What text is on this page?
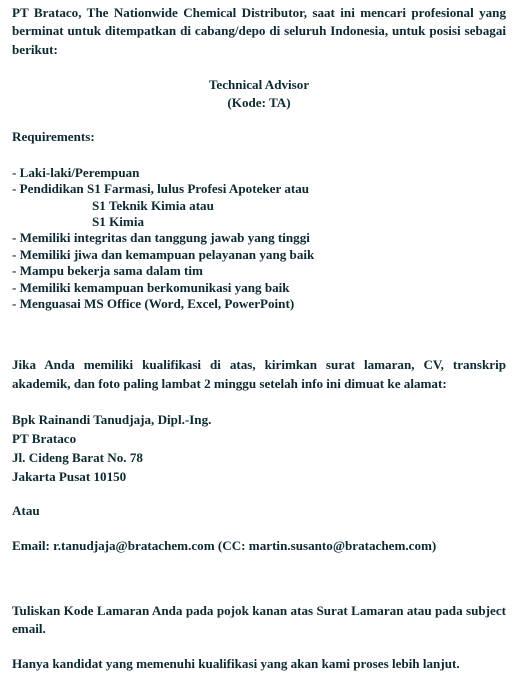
PT Brataco, The Nationwide Chemical Distributor, saat ini mencari profesional yang berminat untuk ditempatkan di cabang/depo di seluruh Indonesia, untuk posisi sebagai berikut:

Technical Advisor
(Kode: TA)
Requirements:
- Laki-laki/Perempuan
- Pendidikan S1 Farmasi, lulus Profesi Apoteker atau
S1 Teknik Kimia atau
S1 Kimia
- Memiliki integritas dan tanggung jawab yang tinggi
- Memiliki jiwa dan kemampuan pelayanan yang baik
- Mampu bekerja sama dalam tim
- Memiliki kemampuan berkomunikasi yang baik
- Menguasai MS Office (Word, Excel, PowerPoint)

Jika Anda memiliki kualifikasi di atas, kirimkan surat lamaran, CV, transkrip akademik, dan foto paling lambat 2 minggu setelah info ini dimuat ke alamat:

Bpk Rainandi Tanudjaja, Dipl.-Ing.
PT Brataco
Jl. Cideng Barat No. 78
Jakarta Pusat 10150
Atau
Email: r.tanudjaja@bratachem.com (CC: martin.susanto@bratachem.com)

Tuliskan Kode Lamaran Anda pada pojok kanan atas Surat Lamaran atau pada subject email.

Hanya kandidat yang memenuhi kualifikasi yang akan kami proses lebih lanjut.
